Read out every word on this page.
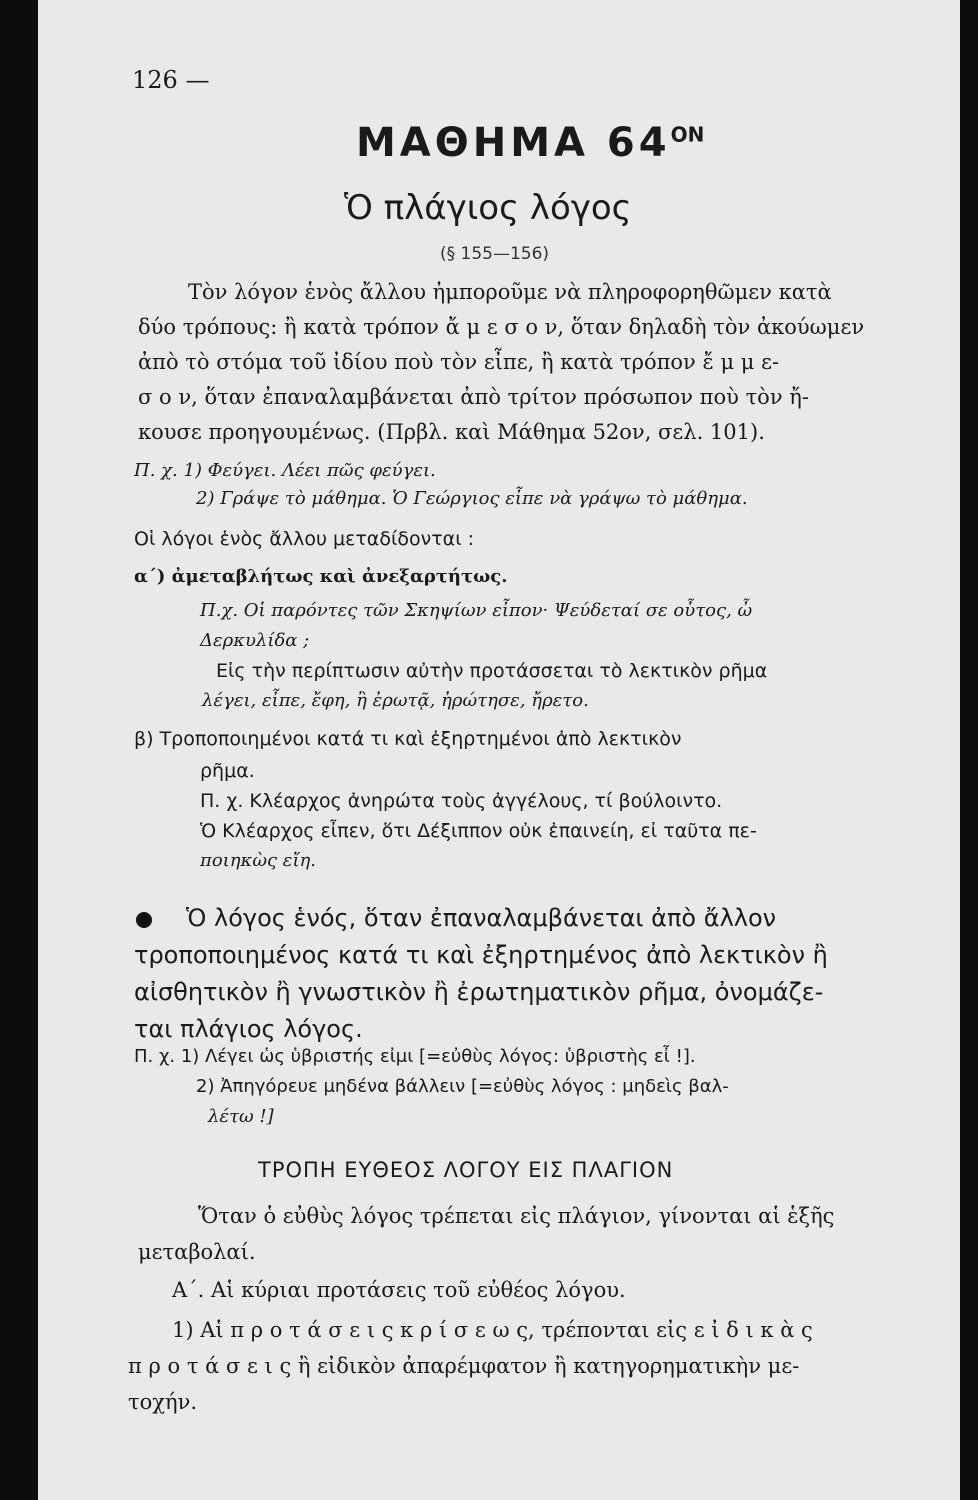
126 —
ΜΑΘΗΜΑ $64^{ON}$
Ὁ πλάγιος λόγος
(§ 155—156)
Τὸν λόγον ἑνὸς ἄλλου ἠμποροῦμε νὰ πληροφορηθῶμεν κατὰ
δύο τρόπους: ἢ κατὰ τρόπον ἄ μ ε σ ο ν, ὅταν δηλαδὴ τὸν ἀκούωμεν
ἀπὸ τὸ στόμα τοῦ ἰδίου ποὺ τὸν εἶπε, ἢ κατὰ τρόπον ἔ μ μ ε-
σ ο ν, ὅταν ἐπαναλαμβάνεται ἀπὸ τρίτον πρόσωπον ποὺ τὸν ἤ-
κουσε προηγουμένως. (Πρβλ. καὶ Μάθημα 52ον, σελ. 101).
Π. χ. 1) Φεύγει. Λέει πῶς φεύγει.
2) Γράψε τὸ μάθημα. Ὁ Γεώργιος εἶπε νὰ γράψω τὸ μάθημα.
Οἱ λόγοι ἑνὸς ἄλλου μεταδίδονται :
α΄) ἀμεταβλήτως καὶ ἀνεξαρτήτως.
Π.χ. Οἱ παρόντες τῶν Σκηψίων εἶπον· Ψεύδεταί σε οὗτος, ὦ
Δερκυλίδα ;
Εἰς τὴν περίπτωσιν αὐτὴν προτάσσεται τὸ λεκτικὸν ρῆμα
λέγει, εἶπε, ἔφη, ἢ ἐρωτᾷ, ἠρώτησε, ἤρετο.
β) Τροποποιημένοι κατά τι καὶ ἐξηρτημένοι ἀπὸ λεκτικὸν
ρῆμα.
Π. χ. Κλέαρχος ἀνηρώτα τοὺς ἀγγέλους, τί βούλοιντο.
Ὁ Κλέαρχος εἶπεν, ὅτι Δέξιππον οὐκ ἐπαινείη, εἰ ταῦτα πε-
ποιηκὼς εἴη.
Ὁ λόγος ἑνός, ὅταν ἐπαναλαμβάνεται ἀπὸ ἄλλον
τροποποιημένος κατά τι καὶ ἐξηρτημένος ἀπὸ λεκτικὸν ἢ
αἰσθητικὸν ἢ γνωστικὸν ἢ ἐρωτηματικὸν ρῆμα, ὀνομάζε-
ται πλάγιος λόγος.
Π. χ. 1) Λέγει ὡς ὑβριστής εἰμι [=εὐθὺς λόγος: ὑβριστὴς εἶ !].
2) Ἀπηγόρευε μηδένα βάλλειν [=εὐθὺς λόγος : μηδεὶς βαλ-
λέτω !]
ΤΡΟΠΗ ΕΥΘΕΟΣ ΛΟΓΟΥ ΕΙΣ ΠΛΑΓΙΟΝ
Ὅταν ὁ εὐθὺς λόγος τρέπεται εἰς πλάγιον, γίνονται αἱ ἑξῆς
μεταβολαί.
Α΄. Αἱ κύριαι προτάσεις τοῦ εὐθέος λόγου.
1) Αἱ π ρ ο τ ά σ ε ι ς κ ρ ί σ ε ω ς, τρέπονται εἰς ε ἰ δ ι κ ὰ ς
π ρ ο τ ά σ ε ι ς ἢ εἰδικὸν ἀπαρέμφατον ἢ κατηγορηματικὴν με-
τοχήν.
